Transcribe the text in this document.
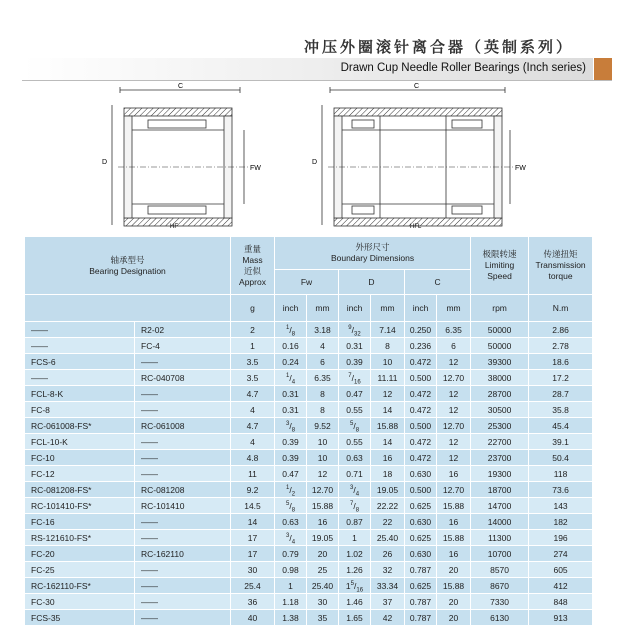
冲压外圈滚针离合器（英制系列）
Drawn Cup Needle Roller Bearings (Inch series)
C
D
FW
HF
C
D
FW
HFL
轴承型号
Bearing Designation		重量
Mass
近似
Approx	外形尺寸
Boundary Dimensions						极限转速
Limiting
Speed	传递扭矩
Transmission
torque
			Fw		D		C			
		g	inch	mm	inch	mm	inch	mm	rpm	N.m
——	R2-02	2	$^1/_8$	3.18	$^9/_{32}$	7.14	0.250	6.35	50000	2.86
——	FC-4	1	0.16	4	0.31	8	0.236	6	50000	2.78
FCS-6	——	3.5	0.24	6	0.39	10	0.472	12	39300	18.6
——	RC-040708	3.5	$^1/_4$	6.35	$^7/_{16}$	11.11	0.500	12.70	38000	17.2
FCL-8-K	——	4.7	0.31	8	0.47	12	0.472	12	28700	28.7
FC-8	——	4	0.31	8	0.55	14	0.472	12	30500	35.8
RC-061008-FS*	RC-061008	4.7	$^3/_8$	9.52	$^5/_8$	15.88	0.500	12.70	25300	45.4
FCL-10-K	——	4	0.39	10	0.55	14	0.472	12	22700	39.1
FC-10	——	4.8	0.39	10	0.63	16	0.472	12	23700	50.4
FC-12	——	11	0.47	12	0.71	18	0.630	16	19300	118
RC-081208-FS*	RC-081208	9.2	$^1/_2$	12.70	$^3/_4$	19.05	0.500	12.70	18700	73.6
RC-101410-FS*	RC-101410	14.5	$^5/_8$	15.88	$^7/_8$	22.22	0.625	15.88	14700	143
FC-16	——	14	0.63	16	0.87	22	0.630	16	14000	182
RS-121610-FS*	——	17	$^3/_4$	19.05	1	25.40	0.625	15.88	11300	196
FC-20	RC-162110	17	0.79	20	1.02	26	0.630	16	10700	274
FC-25	——	30	0.98	25	1.26	32	0.787	20	8570	605
RC-162110-FS*	——	25.4	1	25.40	$1^5/_{16}$	33.34	0.625	15.88	8670	412
FC-30	——	36	1.18	30	1.46	37	0.787	20	7330	848
FCS-35	——	40	1.38	35	1.65	42	0.787	20	6130	913
